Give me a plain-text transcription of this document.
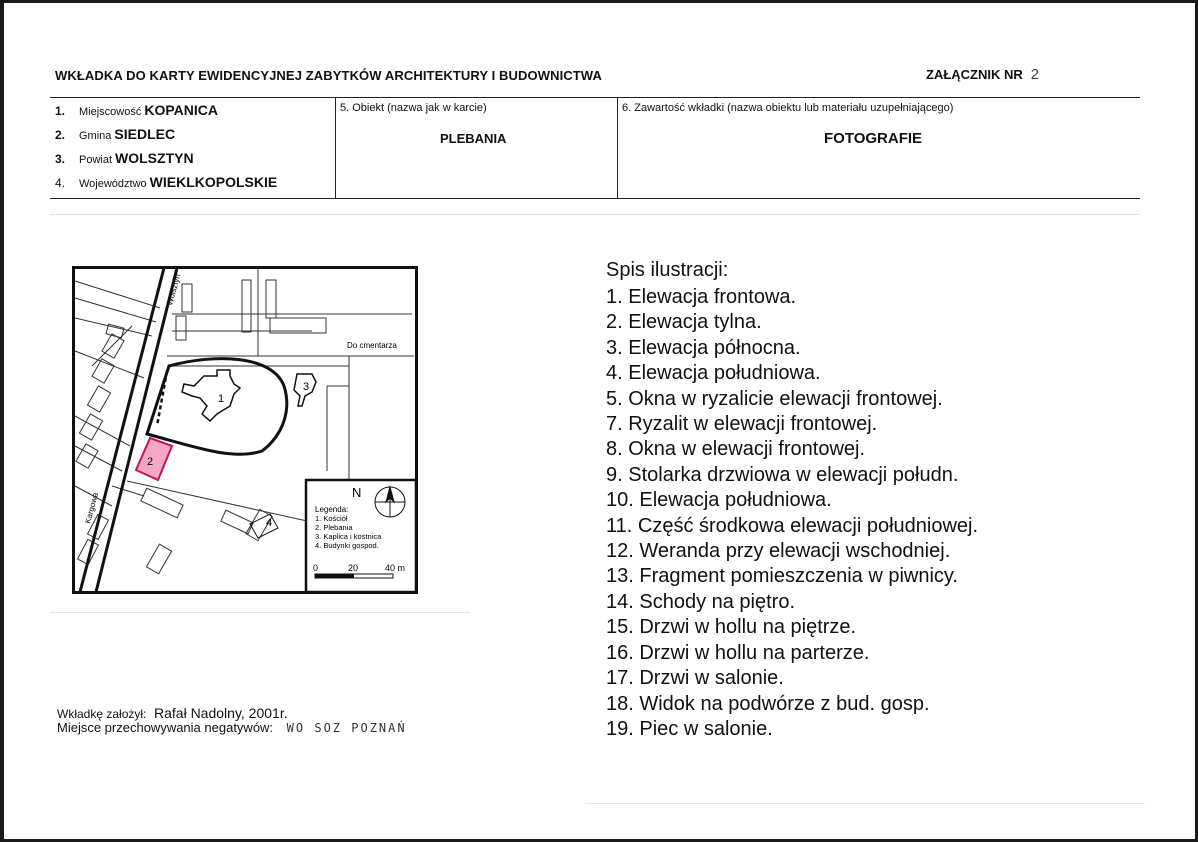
WKŁADKA DO KARTY EWIDENCYJNEJ ZABYTKÓW ARCHITEKTURY I BUDOWNICTWA	ZAŁĄCZNIK NR 2
1. Miejscowość KOPANICA
2. Gmina SIEDLEC
3. Powiat WOLSZTYN
4. Województwo WIEKLKOPOLSKIE
5. Obiekt (nazwa jak w karcie)
PLEBANIA
6. Zawartość wkładki (nazwa obiektu lub materiału uzupełniającego)
FOTOGRAFIE
Wolsztyn
Kargowa
Do cmentarza
1
2
3
4
N
Legenda:
1. Kościół
2. Plebania
3. Kaplica i kostnica
4. Budynki gospod.
0	20	40 m
Spis ilustracji:
1. Elewacja frontowa.
2. Elewacja tylna.
3. Elewacja północna.
4. Elewacja południowa.
5. Okna w ryzalicie elewacji frontowej.
7. Ryzalit w elewacji frontowej.
8. Okna w elewacji frontowej.
9. Stolarka drzwiowa w elewacji połudn.
10. Elewacja południowa.
11. Część środkowa elewacji południowej.
12. Weranda przy elewacji wschodniej.
13. Fragment pomieszczenia w piwnicy.
14. Schody na piętro.
15. Drzwi w hollu na piętrze.
16. Drzwi w hollu na parterze.
17. Drzwi w salonie.
18. Widok na podwórze z bud. gosp.
19. Piec w salonie.
Wkładkę założył: Rafał Nadolny, 2001r.
Miejsce przechowywania negatywów: WO SOZ POZNAŃ
